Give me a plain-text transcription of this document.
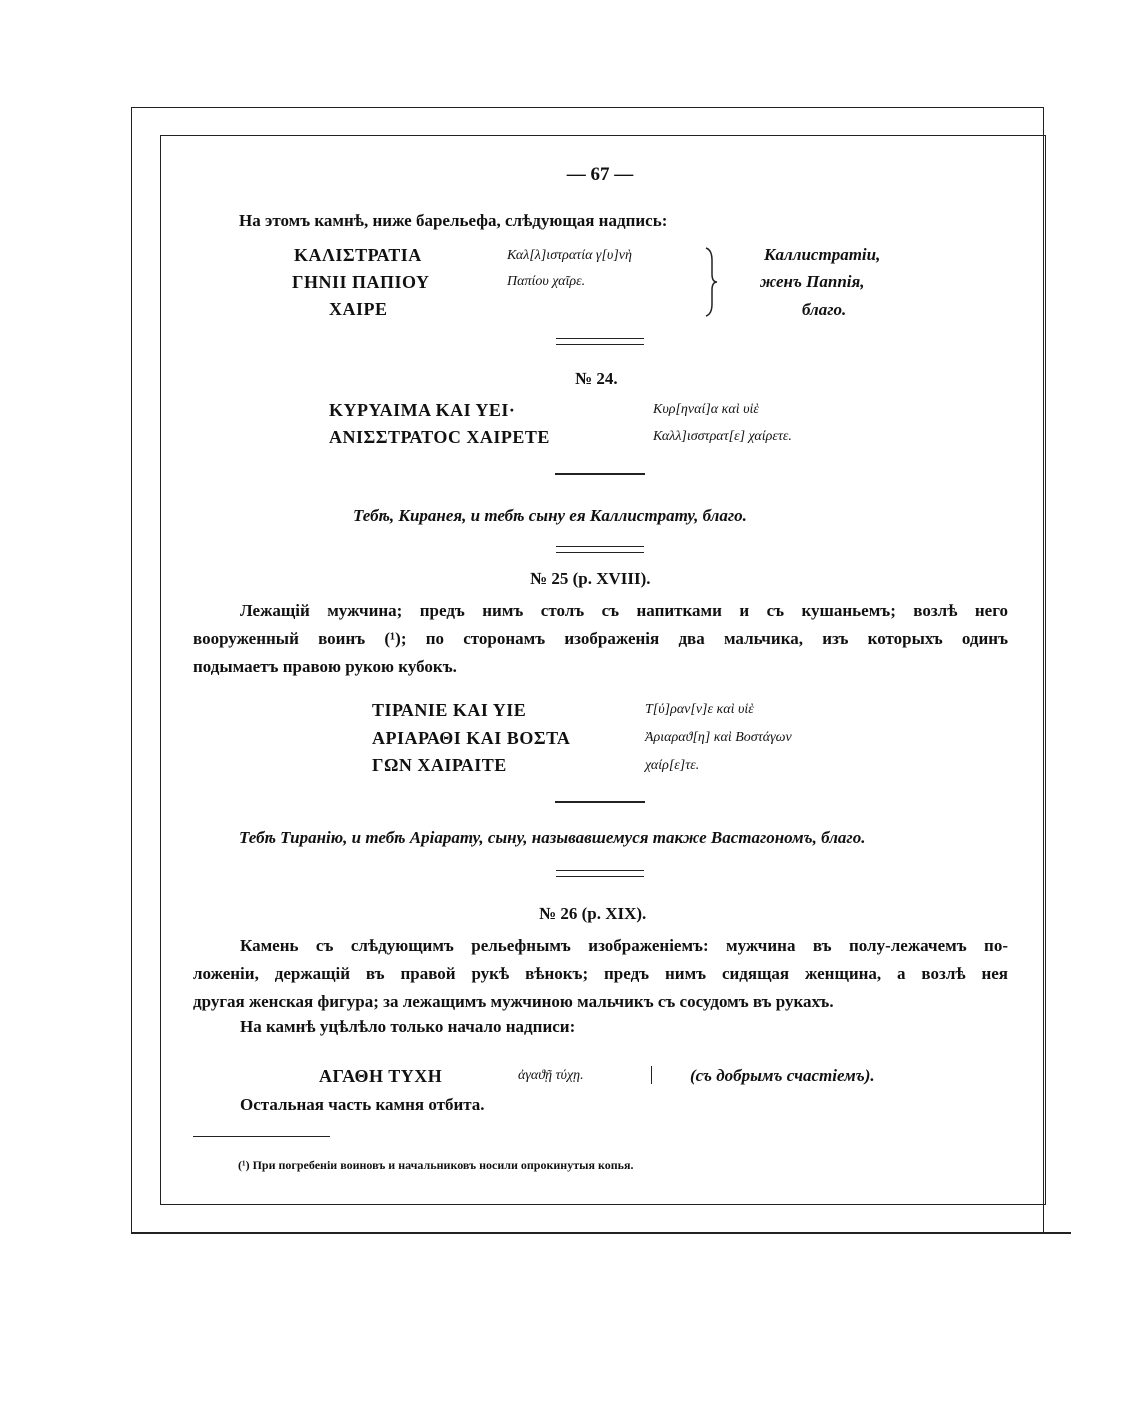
— 67 —
На этомъ камнѣ, ниже барельефа, слѣдующая надпись:
ΚΑΛΙΣΤΡΑΤΙΑ
ΓΗΝΙΙ ΠΑΠΙΟΥ
ΧΑΙΡΕ
Καλ[λ]ιστρατία γ[υ]νὴ
Παπίου χαῖρε.
Каллистратіи,
женъ Паппія,
благо.
№ 24.
ΚΥΡΥΑΙΜΑ ΚΑΙ ΥΕΙ·
ΑΝΙΣΣΤΡΑΤΟϹ ΧΑΙΡΕΤΕ
Κυρ[ηναί]α καὶ υἱὲ
Καλλ]ισστρατ[ε] χαίρετε.
Тебѣ, Киранея, и тебѣ сыну ея Каллистрату, благо.
№ 25 (р. XVIII).
Лежащій мужчина; предъ нимъ столъ съ напитками и съ кушаньемъ; возлѣ него
вооруженный воинъ (¹); по сторонамъ изображенія два мальчика, изъ которыхъ одинъ
подымаетъ правою рукою кубокъ.
ΤΙΡΑΝΙΕ ΚΑΙ ΥΙΕ
ΑΡΙΑΡΑΘΙ ΚΑΙ ΒΟΣΤΑ
ΓΩΝ ΧΑΙΡΑΙΤΕ
Τ[ύ]ραν[ν]ε καὶ υἱὲ
Ἀριαραϑ[η] καὶ Βοστάγων
χαίρ[ε]τε.
Тебѣ Тиранію, и тебѣ Аріарату, сыну, называвшемуся также Вастагономъ, благо.
№ 26 (р. XIX).
Камень съ слѣдующимъ рельефнымъ изображеніемъ: мужчина въ полу-лежачемъ по-
ложеніи, держащій въ правой рукѣ вѣнокъ; предъ нимъ сидящая женщина, а возлѣ нея
другая женская фигура; за лежащимъ мужчиною мальчикъ съ сосудомъ въ рукахъ.
На камнѣ уцѣлѣло только начало надписи:
ΑΓΑΘΗ ΤΥΧΗ	ἀγαϑῇ τύχῃ.	(съ добрымъ счастіемъ).
Остальная часть камня отбита.
(¹) При погребеніи воиновъ и начальниковъ носили опрокинутыя копья.
